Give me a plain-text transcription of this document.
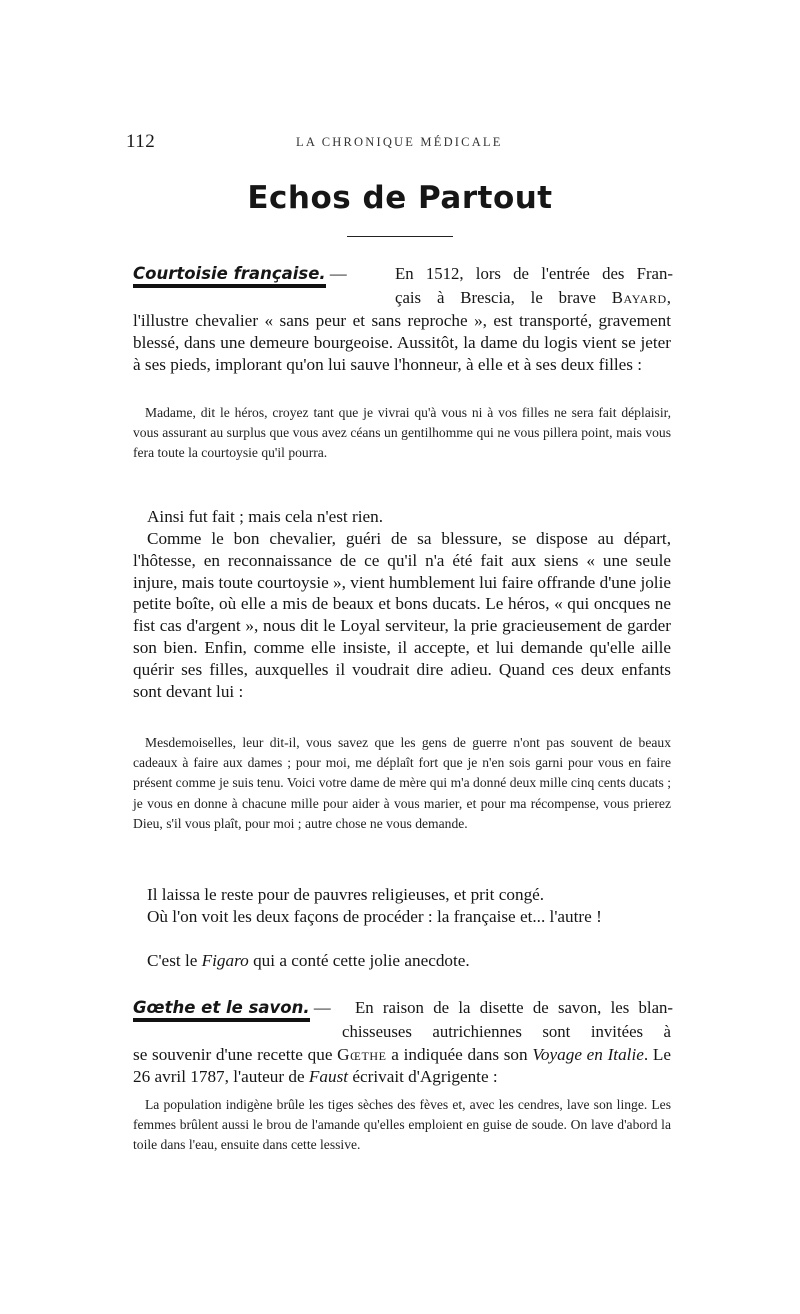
112	LA CHRONIQUE MÉDICALE
Echos de Partout
Courtoisie française. —	En 1512, lors de l'entrée des Fran-
çais à Brescia, le brave Bayard,

l'illustre chevalier « sans peur et sans reproche », est transporté, gravement blessé, dans une demeure bourgeoise. Aussitôt, la dame du logis vient se jeter à ses pieds, implorant qu'on lui sauve l'honneur, à elle et à ses deux filles :

Madame, dit le héros, croyez tant que je vivrai qu'à vous ni à vos filles ne sera fait déplaisir, vous assurant au surplus que vous avez céans un gentilhomme qui ne vous pillera point, mais vous fera toute la courtoysie qu'il pourra.

Ainsi fut fait ; mais cela n'est rien.

Comme le bon chevalier, guéri de sa blessure, se dispose au départ, l'hôtesse, en reconnaissance de ce qu'il n'a été fait aux siens « une seule injure, mais toute courtoysie », vient humblement lui faire offrande d'une jolie petite boîte, où elle a mis de beaux et bons ducats. Le héros, « qui oncques ne fist cas d'argent », nous dit le Loyal serviteur, la prie gracieusement de garder son bien. Enfin, comme elle insiste, il accepte, et lui demande qu'elle aille quérir ses filles, auxquelles il voudrait dire adieu. Quand ces deux enfants sont devant lui :

Mesdemoiselles, leur dit-il, vous savez que les gens de guerre n'ont pas souvent de beaux cadeaux à faire aux dames ; pour moi, me déplaît fort que je n'en sois garni pour vous en faire présent comme je suis tenu. Voici votre dame de mère qui m'a donné deux mille cinq cents ducats ; je vous en donne à chacune mille pour aider à vous marier, et pour ma récompense, vous prierez Dieu, s'il vous plaît, pour moi ; autre chose ne vous demande.

Il laissa le reste pour de pauvres religieuses, et prit congé.

Où l'on voit les deux façons de procéder : la française et... l'autre !

C'est le Figaro qui a conté cette jolie anecdote.

Gœthe et le savon. — En raison de la disette de savon, les blan-
chisseuses autrichiennes sont invitées à

se souvenir d'une recette que Gœthe a indiquée dans son Voyage en Italie. Le 26 avril 1787, l'auteur de Faust écrivait d'Agrigente :

La population indigène brûle les tiges sèches des fèves et, avec les cendres, lave son linge. Les femmes brûlent aussi le brou de l'amande qu'elles emploient en guise de soude. On lave d'abord la toile dans l'eau, ensuite dans cette lessive.
